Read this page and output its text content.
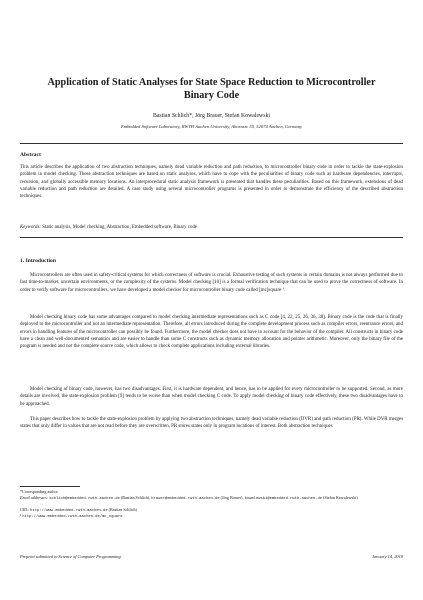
Application of Static Analyses for State Space Reduction to Microcontroller Binary Code
Bastian Schlich*, Jörg Brauer, Stefan Kowalewski
Embedded Software Laboratory, RWTH Aachen University, Ahornstr. 55, 52074 Aachen, Germany
Abstract

This article describes the application of two abstraction techniques, namely dead variable reduction and path reduction, to microcontroller binary code in order to tackle the state-explosion problem in model checking. These abstraction techniques are based on static analyses, which have to cope with the peculiarities of binary code such as hardware dependencies, interrupts, recursion, and globally accessible memory locations. An interprocedural static analysis framework is presented that handles these peculiarities. Based on this framework, extensions of dead variable reduction and path reduction are detailed. A case study using several microcontroller programs is presented in order to demonstrate the efficiency of the described abstraction techniques.

Keywords: Static analysis, Model checking, Abstraction, Embedded software, Binary code
1. Introduction

Microcontrollers are often used in safety-critical systems for which correctness of software is crucial. Exhaustive testing of such systems in certain domains is not always performed due to fast time-to-market, uncertain environments, or the complexity of the systems. Model checking [10] is a formal verification technique that can be used to prove the correctness of software. In order to verify software for microcontrollers, we have developed a model checker for microcontroller binary code called [mc]square ¹.

Model checking binary code has some advantages compared to model checking intermediate representations such as C code [4, 22, 25, 26, 36, 38]. Binary code is the code that is finally deployed to the microcontroller and not an intermediate representation. Therefore, all errors introduced during the complete development process such as compiler errors, reentrance errors, and errors in handling features of the microcontroller can possibly be found. Furthermore, the model checker does not have to account for the behavior of the compiler. All constructs in binary code have a clean and well-documented semantics and are easier to handle than some C constructs such as dynamic memory allocation and pointer arithmetic. Moreover, only the binary file of the program is needed and not the complete source code, which allows to check complete applications including external libraries.

Model checking of binary code, however, has two disadvantages. First, it is hardware dependent, and hence, has to be applied for every microcontroller to be supported. Second, as more details are involved, the state-explosion problem [9] tends to be worse than when model checking C code. To apply model checking of binary code effectively, these two disadvantages have to be approached.

This paper describes how to tackle the state-explosion problem by applying two abstraction techniques, namely dead variable reduction (DVR) and path reduction (PR). While DVR merges states that only differ in values that are not read before they are overwritten, PR stores states only in program locations of interest. Both abstraction techniques

*Corresponding author
Email addresses: schlich@embedded.rwth-aachen.de (Bastian Schlich), brauer@embedded.rwth-aachen.de (Jörg Brauer), kowalewski@embedded.rwth-aachen.de (Stefan Kowalewski)
URL: http://www.embedded.rwth-aachen.de (Bastian Schlich)
¹ http://www.embedded.rwth-aachen.de/mc_square
Preprint submitted to Science of Computer Programming	January 14, 2010
